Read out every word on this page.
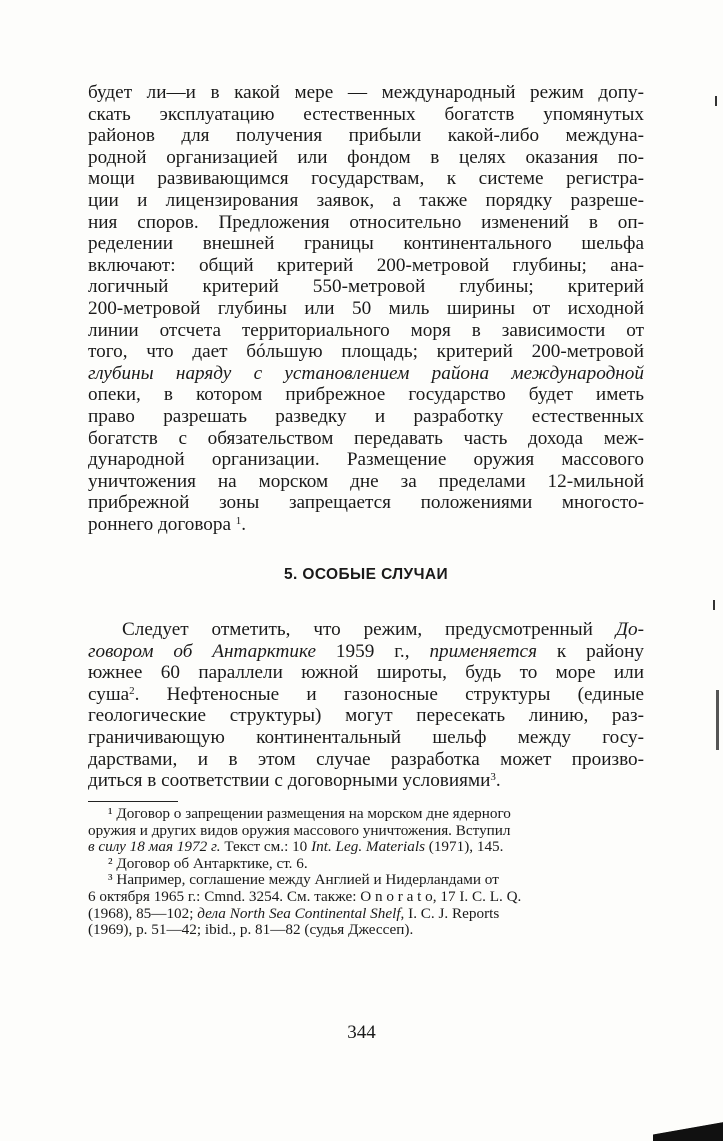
будет ли—и в какой мере — международный режим допу-
скать эксплуатацию естественных богатств упомянутых
районов для получения прибыли какой-либо междуна-
родной организацией или фондом в целях оказания по-
мощи развивающимся государствам, к системе регистра-
ции и лицензирования заявок, а также порядку разреше-
ния споров. Предложения относительно изменений в оп-
ределении внешней границы континентального шельфа
включают: общий критерий 200-метровой глубины; ана-
логичный критерий 550-метровой глубины; критерий
200-метровой глубины или 50 миль ширины от исходной
линии отсчета территориального моря в зависимости от
того, что дает бóльшую площадь; критерий 200-метровой
глубины наряду с установлением района международной
опеки, в котором прибрежное государство будет иметь
право разрешать разведку и разработку естественных
богатств с обязательством передавать часть дохода меж-
дународной организации. Размещение оружия массового
уничтожения на морском дне за пределами 12-мильной
прибрежной зоны запрещается положениями многосто-
роннего договора $^1$.

5. ОСОБЫЕ СЛУЧАИ

Следует отметить, что режим, предусмотренный До-
говором об Антарктике 1959 г., применяется к району
южнее 60 параллели южной широты, будь то море или
суша$^2$. Нефтеносные и газоносные структуры (единые
геологические структуры) могут пересекать линию, раз-
граничивающую континентальный шельф между госу-
дарствами, и в этом случае разработка может произво-
диться в соответствии с договорными условиями$^3$.

¹ Договор о запрещении размещения на морском дне ядерного
оружия и других видов оружия массового уничтожения. Вступил
в силу 18 мая 1972 г. Текст см.: 10 Int. Leg. Materials (1971), 145.
² Договор об Антарктике, ст. 6.
³ Например, соглашение между Англией и Нидерландами от
6 октября 1965 г.: Cmnd. 3254. См. также: O n o r a t o, 17 I. C. L. Q.
(1968), 85—102; дела North Sea Continental Shelf, I. C. J. Reports
(1969), p. 51—42; ibid., p. 81—82 (судья Джессеп).
344
